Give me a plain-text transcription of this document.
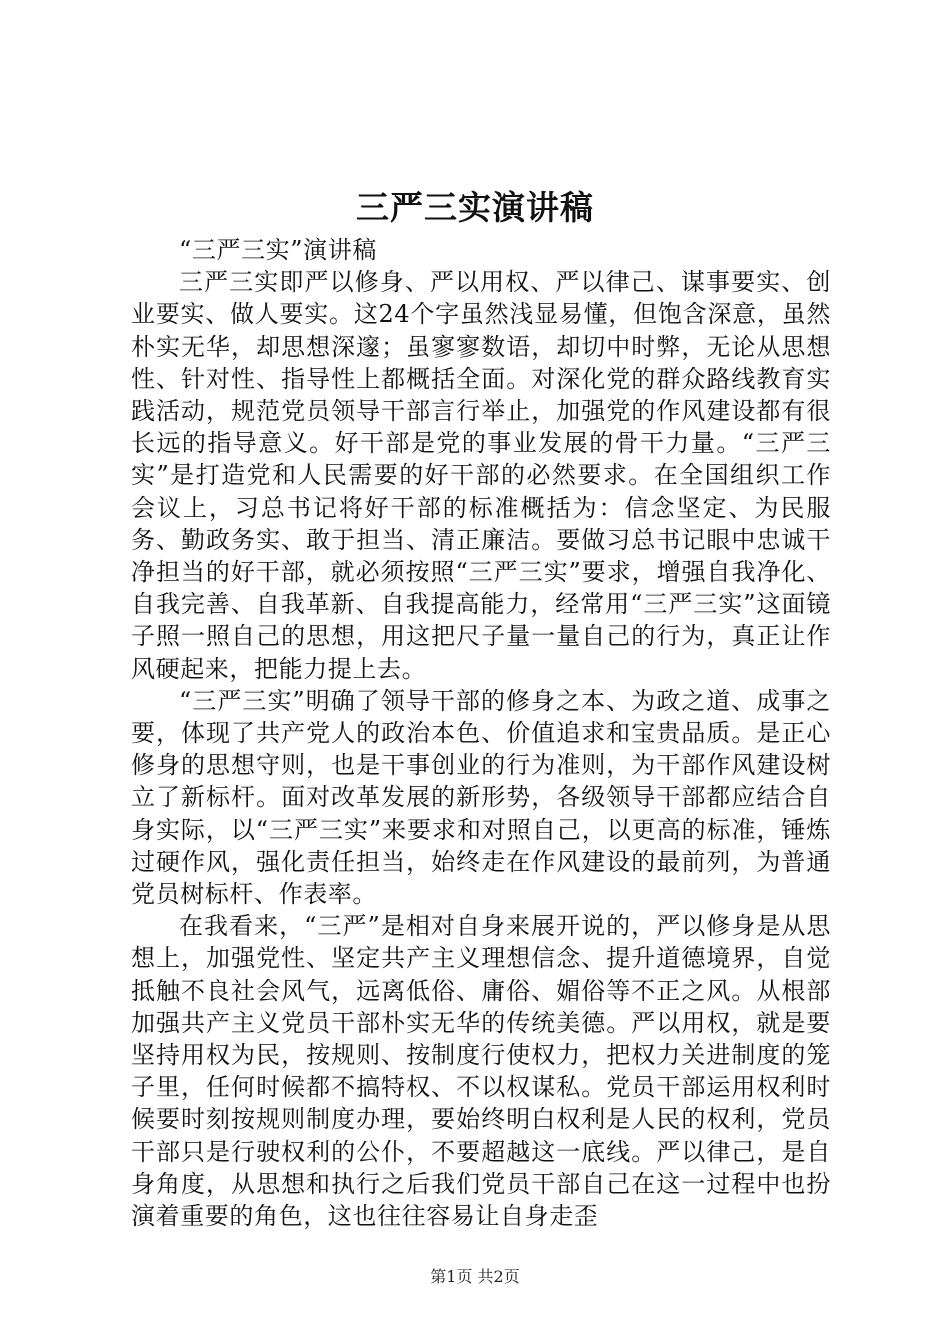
三严三实演讲稿

“三严三实”演讲稿

三严三实即严以修身、严以用权、严以律己、谋事要实、创业要实、做人要实。这24个字虽然浅显易懂，但饱含深意，虽然朴实无华，却思想深邃；虽寥寥数语，却切中时弊，无论从思想性、针对性、指导性上都概括全面。对深化党的群众路线教育实践活动，规范党员领导干部言行举止，加强党的作风建设都有很长远的指导意义。好干部是党的事业发展的骨干力量。“三严三实”是打造党和人民需要的好干部的必然要求。在全国组织工作会议上，习总书记将好干部的标准概括为：信念坚定、为民服务、勤政务实、敢于担当、清正廉洁。要做习总书记眼中忠诚干净担当的好干部，就必须按照“三严三实”要求，增强自我净化、自我完善、自我革新、自我提高能力，经常用“三严三实”这面镜子照一照自己的思想，用这把尺子量一量自己的行为，真正让作风硬起来，把能力提上去。

“三严三实”明确了领导干部的修身之本、为政之道、成事之要，体现了共产党人的政治本色、价值追求和宝贵品质。是正心修身的思想守则，也是干事创业的行为准则，为干部作风建设树立了新标杆。面对改革发展的新形势，各级领导干部都应结合自身实际，以“三严三实”来要求和对照自己，以更高的标准，锤炼过硬作风，强化责任担当，始终走在作风建设的最前列，为普通党员树标杆、作表率。

在我看来，“三严”是相对自身来展开说的，严以修身是从思想上，加强党性、坚定共产主义理想信念、提升道德境界，自觉抵触不良社会风气，远离低俗、庸俗、媚俗等不正之风。从根部加强共产主义党员干部朴实无华的传统美德。严以用权，就是要坚持用权为民，按规则、按制度行使权力，把权力关进制度的笼子里，任何时候都不搞特权、不以权谋私。党员干部运用权利时候要时刻按规则制度办理，要始终明白权利是人民的权利，党员干部只是行驶权利的公仆，不要超越这一底线。严以律己，是自身角度，从思想和执行之后我们党员干部自己在这一过程中也扮演着重要的角色，这也往往容易让自身走歪

第1页 共2页
